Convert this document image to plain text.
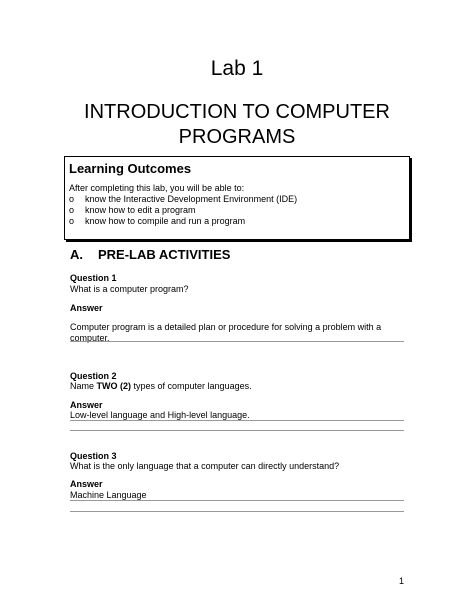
Lab 1
INTRODUCTION TO COMPUTER
PROGRAMS
Learning Outcomes
After completing this lab, you will be able to:
o	know the Interactive Development Environment (IDE)
o	know how to edit a program
o	know how to compile and run a program
A. PRE-LAB ACTIVITIES
Question 1
What is a computer program?
Answer
Computer program is a detailed plan or procedure for solving a problem with a computer.
Question 2
Name TWO (2) types of computer languages.
Answer
Low-level language and High-level language.
Question 3
What is the only language that a computer can directly understand?
Answer
Machine Language
1
